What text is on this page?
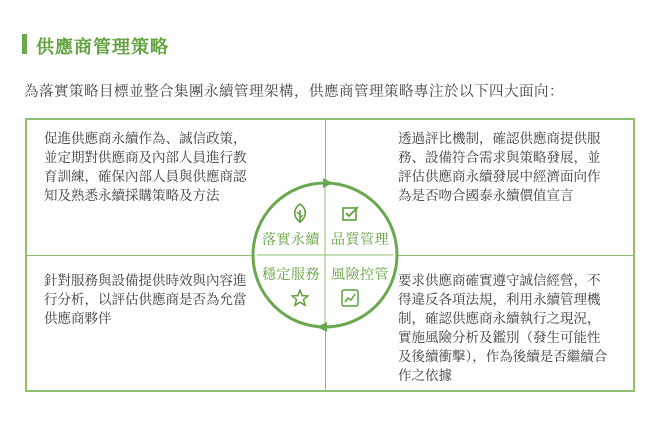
供應商管理策略
為落實策略目標並整合集團永續管理架構，供應商管理策略專注於以下四大面向：
促進供應商永續作為、誠信政策，並定期對供應商及內部人員進行教育訓練，確保內部人員與供應商認知及熟悉永續採購策略及方法
透過評比機制，確認供應商提供服務、設備符合需求與策略發展，並評估供應商永續發展中經濟面向作為是否吻合國泰永續價值宣言
針對服務與設備提供時效與內容進行分析，以評估供應商是否為允當供應商夥伴
要求供應商確實遵守誠信經營，不得違反各項法規，利用永續管理機制，確認供應商永續執行之現況，實施風險分析及鑑別（發生可能性及後續衝擊），作為後續是否繼續合作之依據
落實永續 品質管理
穩定服務 風險控管
